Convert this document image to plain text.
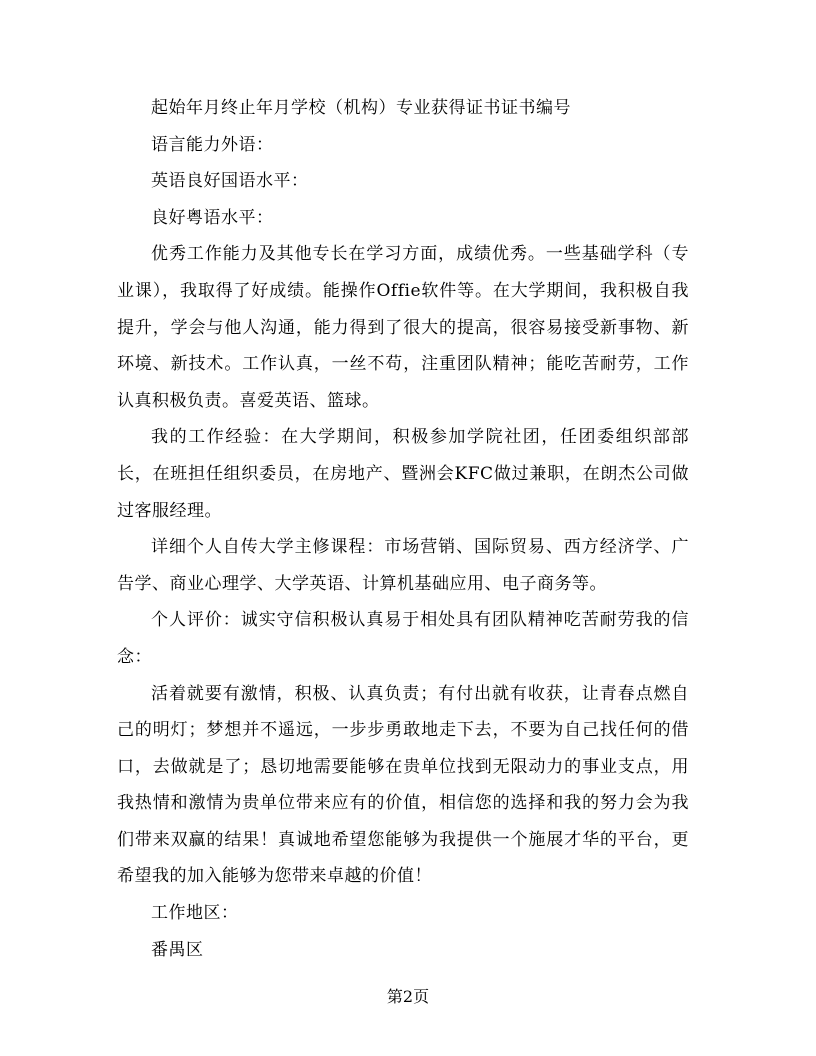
起始年月终止年月学校（机构）专业获得证书证书编号
语言能力外语：
英语良好国语水平：
良好粤语水平：
优秀工作能力及其他专长在学习方面，成绩优秀。一些基础学科（专业课），我取得了好成绩。能操作Offie软件等。在大学期间，我积极自我提升，学会与他人沟通，能力得到了很大的提高，很容易接受新事物、新环境、新技术。工作认真，一丝不苟，注重团队精神；能吃苦耐劳，工作认真积极负责。喜爱英语、篮球。
我的工作经验：在大学期间，积极参加学院社团，任团委组织部部长，在班担任组织委员，在房地产、暨洲会KFC做过兼职，在朗杰公司做过客服经理。
详细个人自传大学主修课程：市场营销、国际贸易、西方经济学、广告学、商业心理学、大学英语、计算机基础应用、电子商务等。
个人评价：诚实守信积极认真易于相处具有团队精神吃苦耐劳我的信念：
活着就要有激情，积极、认真负责；有付出就有收获，让青春点燃自己的明灯；梦想并不遥远，一步步勇敢地走下去，不要为自己找任何的借口，去做就是了；恳切地需要能够在贵单位找到无限动力的事业支点，用我热情和激情为贵单位带来应有的价值，相信您的选择和我的努力会为我们带来双赢的结果！真诚地希望您能够为我提供一个施展才华的平台，更希望我的加入能够为您带来卓越的价值！
工作地区：
番禺区
第2页
